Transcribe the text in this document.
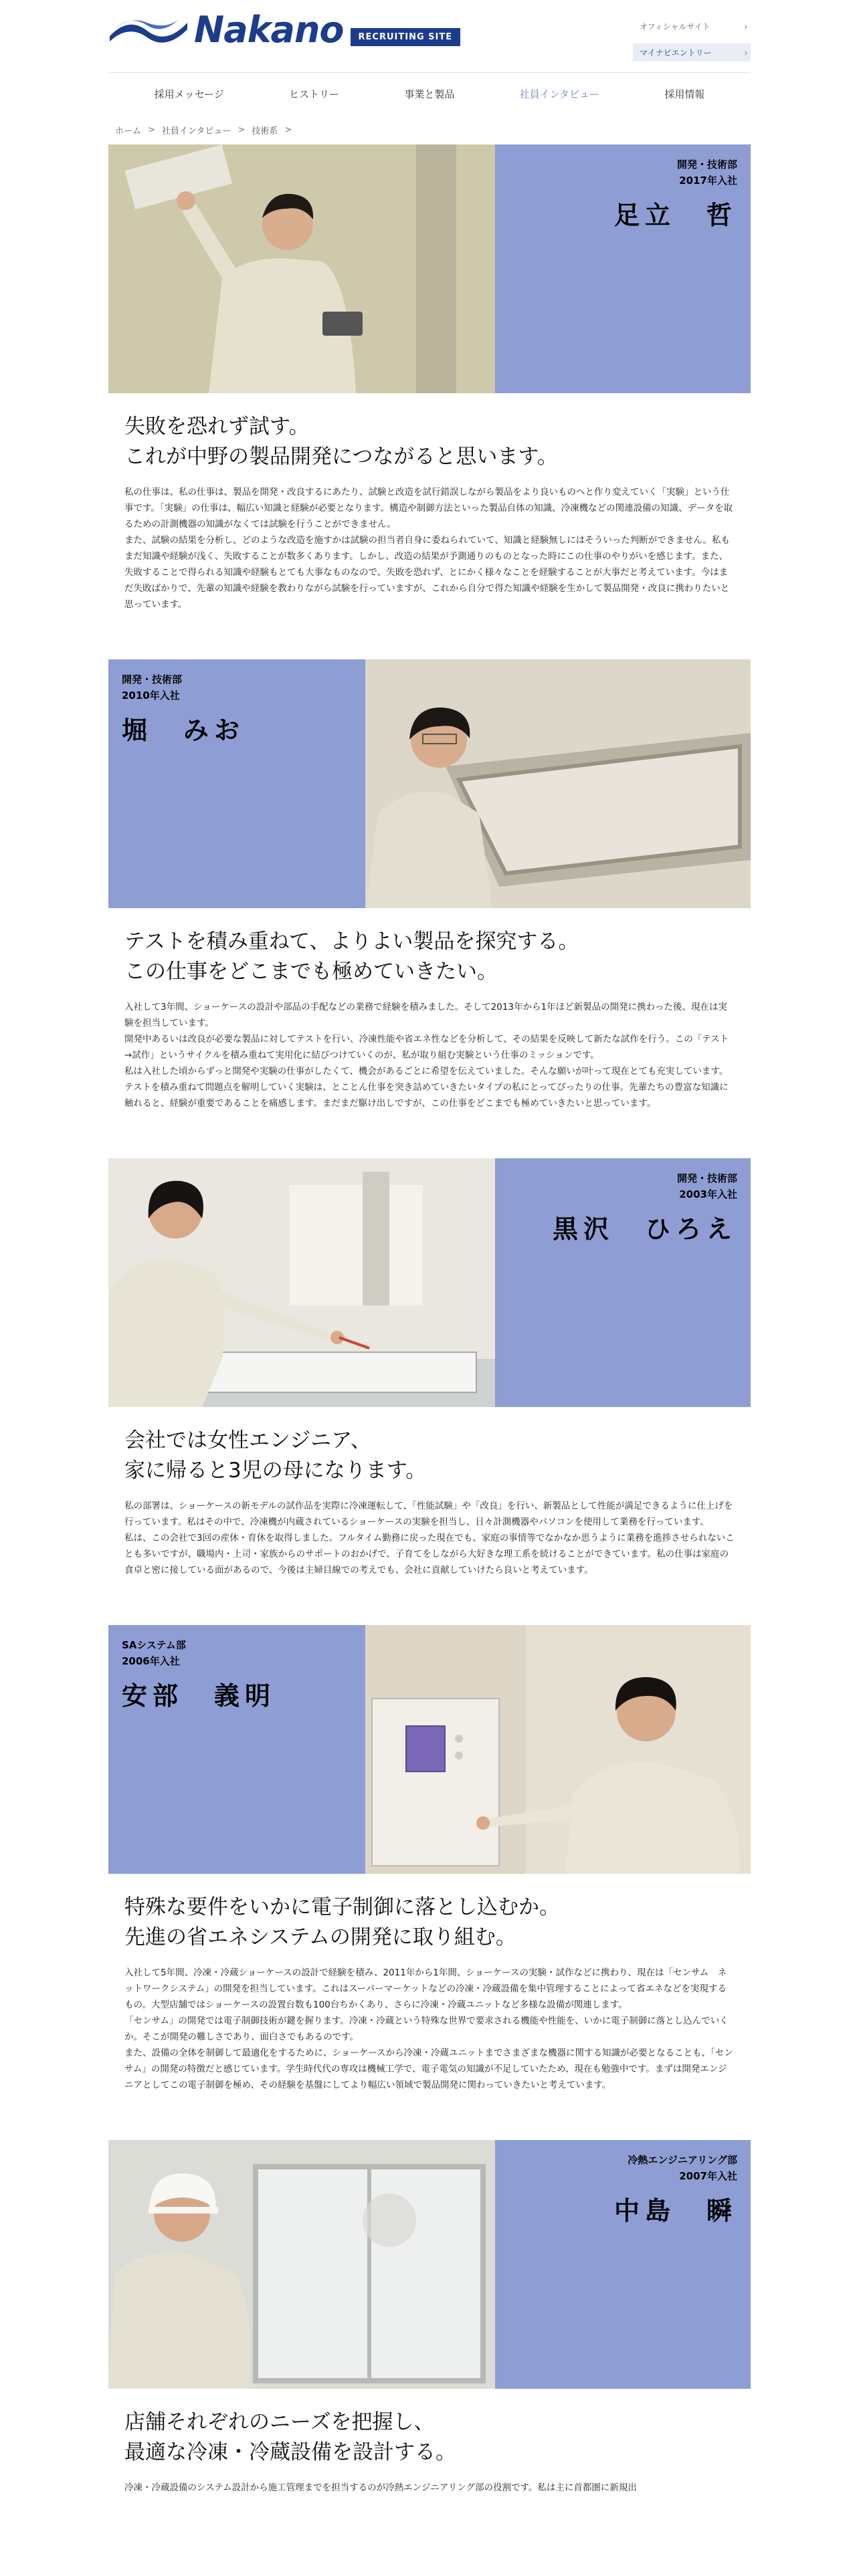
Nakano	RECRUITING SITE
オフィシャルサイト	›
マイナビエントリー	›
採用メッセージ	ヒストリー	事業と製品	社員インタビュー	採用情報
ホーム > 社員インタビュー > 技術系 >
開発・技術部
2017年入社
足立　哲
失敗を恐れず試す。
これが中野の製品開発につながると思います。

私の仕事は、私の仕事は、製品を開発・改良するにあたり、試験と改造を試行錯誤しながら製品をより良いものへと作り変えていく「実験」という仕事です。「実験」の仕事は、幅広い知識と経験が必要となります。構造や制御方法といった製品自体の知識、冷凍機などの関連設備の知識、データを取るための計測機器の知識がなくては試験を行うことができません。

また、試験の結果を分析し、どのような改造を施すかは試験の担当者自身に委ねられていて、知識と経験無しにはそういった判断ができません。私もまだ知識や経験が浅く、失敗することが数多くあります。しかし、改造の結果が予測通りのものとなった時にこの仕事のやりがいを感じます。また、失敗することで得られる知識や経験もとても大事なものなので、失敗を恐れず、とにかく様々なことを経験することが大事だと考えています。今はまだ失敗ばかりで、先輩の知識や経験を教わりながら試験を行っていますが、これから自分で得た知識や経験を生かして製品開発・改良に携わりたいと思っています。

開発・技術部
2010年入社
堀　みお
テストを積み重ねて、よりよい製品を探究する。
この仕事をどこまでも極めていきたい。

入社して3年間、ショーケースの設計や部品の手配などの業務で経験を積みました。そして2013年から1年ほど新製品の開発に携わった後、現在は実験を担当しています。

開発中あるいは改良が必要な製品に対してテストを行い、冷凍性能や省エネ性などを分析して、その結果を反映して新たな試作を行う。この「テスト→試作」というサイクルを積み重ねて実用化に結びつけていくのが、私が取り組む実験という仕事のミッションです。

私は入社した頃からずっと開発や実験の仕事がしたくて、機会があるごとに希望を伝えていました。そんな願いが叶って現在とても充実しています。テストを積み重ねて問題点を解明していく実験は、とことん仕事を突き詰めていきたいタイプの私にとってぴったりの仕事。先輩たちの豊富な知識に触れると、経験が重要であることを痛感します。まだまだ駆け出しですが、この仕事をどこまでも極めていきたいと思っています。

開発・技術部
2003年入社
黒沢　ひろえ
会社では女性エンジニア、
家に帰ると3児の母になります。

私の部署は、ショーケースの新モデルの試作品を実際に冷凍運転して、「性能試験」や「改良」を行い、新製品として性能が満足できるように仕上げを行っています。私はその中で、冷凍機が内蔵されているショーケースの実験を担当し、日々計測機器やパソコンを使用して業務を行っています。

私は、この会社で3回の産休・育休を取得しました。フルタイム勤務に戻った現在でも、家庭の事情等でなかなか思うように業務を進捗させられないことも多いですが、職場内・上司・家族からのサポートのおかげで、子育てをしながら大好きな理工系を続けることができています。私の仕事は家庭の食卓と密に接している面があるので、今後は主婦目線での考えでも、会社に貢献していけたら良いと考えています。

SAシステム部
2006年入社
安部　義明
特殊な要件をいかに電子制御に落とし込むか。
先進の省エネシステムの開発に取り組む。

入社して5年間、冷凍・冷蔵ショーケースの設計で経験を積み、2011年から1年間、ショーケースの実験・試作などに携わり、現在は「センサム　ネットワークシステム」の開発を担当しています。これはスーパーマーケットなどの冷凍・冷蔵設備を集中管理することによって省エネなどを実現するもの。大型店舗ではショーケースの設置台数も100台ちかくあり、さらに冷凍・冷蔵ユニットなど多様な設備が関連します。

「センサム」の開発では電子制御技術が鍵を握ります。冷凍・冷蔵という特殊な世界で要求される機能や性能を、いかに電子制御に落とし込んでいくか。そこが開発の難しさであり、面白さでもあるのです。

また、設備の全体を制御して最適化をするために、ショーケースから冷凍・冷蔵ユニットまでさまざまな機器に関する知識が必要となることも、「センサム」の開発の特徴だと感じています。学生時代代の専攻は機械工学で、電子電気の知識が不足していたため、現在も勉強中です。まずは開発エンジニアとしてこの電子制御を極め、その経験を基盤にしてより幅広い領域で製品開発に関わっていきたいと考えています。

冷熱エンジニアリング部
2007年入社
中島　瞬
店舗それぞれのニーズを把握し、
最適な冷凍・冷蔵設備を設計する。

冷凍・冷蔵設備のシステム設計から施工管理までを担当するのが冷熱エンジニアリング部の役割です。私は主に首都圏に新規出
